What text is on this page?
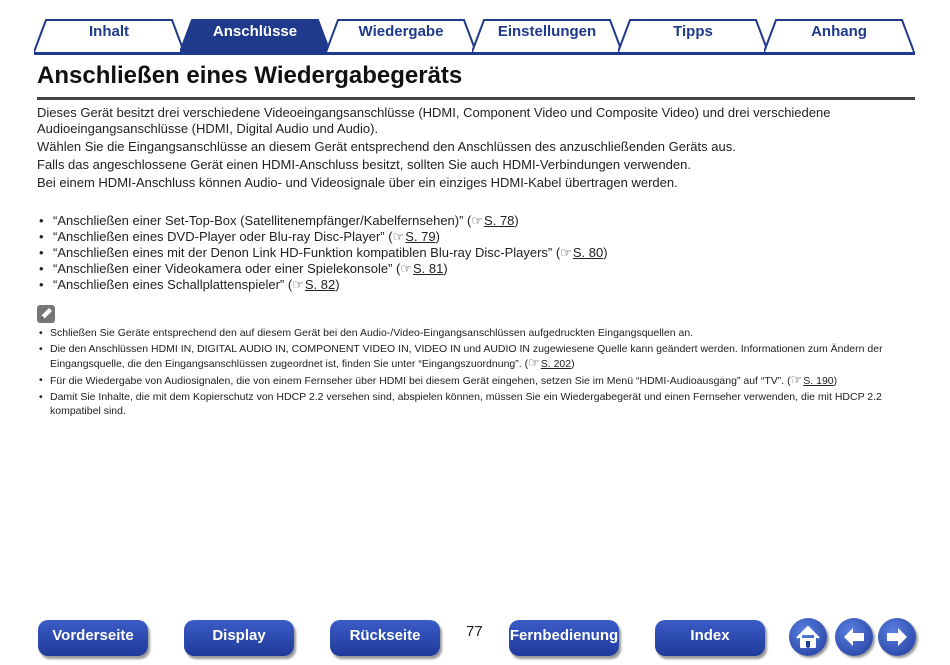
Inhalt	Anschlüsse	Wiedergabe	Einstellungen	Tipps	Anhang
Anschließen eines Wiedergabegeräts
Dieses Gerät besitzt drei verschiedene Videoeingangsanschlüsse (HDMI, Component Video und Composite Video) und drei verschiedene Audioeingangsanschlüsse (HDMI, Digital Audio und Audio).
Wählen Sie die Eingangsanschlüsse an diesem Gerät entsprechend den Anschlüssen des anzuschließenden Geräts aus.
Falls das angeschlossene Gerät einen HDMI-Anschluss besitzt, sollten Sie auch HDMI-Verbindungen verwenden.
Bei einem HDMI-Anschluss können Audio- und Videosignale über ein einziges HDMI-Kabel übertragen werden.
• “Anschließen einer Set-Top-Box (Satellitenempfänger/Kabelfernsehen)” (☞S. 78)
• “Anschließen eines DVD-Player oder Blu-ray Disc-Player” (☞S. 79)
• “Anschließen eines mit der Denon Link HD-Funktion kompatiblen Blu-ray Disc-Players” (☞S. 80)
• “Anschließen einer Videokamera oder einer Spielekonsole” (☞S. 81)
• “Anschließen eines Schallplattenspieler” (☞S. 82)
• Schließen Sie Geräte entsprechend den auf diesem Gerät bei den Audio-/Video-Eingangsanschlüssen aufgedruckten Eingangsquellen an.
• Die den Anschlüssen HDMI IN, DIGITAL AUDIO IN, COMPONENT VIDEO IN, VIDEO IN und AUDIO IN zugewiesene Quelle kann geändert werden. Informationen zum Ändern der Eingangsquelle, die den Eingangsanschlüssen zugeordnet ist, finden Sie unter “Eingangszuordnung”. (☞S. 202)
• Für die Wiedergabe von Audiosignalen, die von einem Fernseher über HDMI bei diesem Gerät eingehen, setzen Sie im Menü “HDMI-Audioausgang” auf “TV”. (☞S. 190)
• Damit Sie Inhalte, die mit dem Kopierschutz von HDCP 2.2 versehen sind, abspielen können, müssen Sie ein Wiedergabegerät und einen Fernseher verwenden, die mit HDCP 2.2 kompatibel sind.
Vorderseite	Display	Rückseite	77 Fernbedienung	Index
